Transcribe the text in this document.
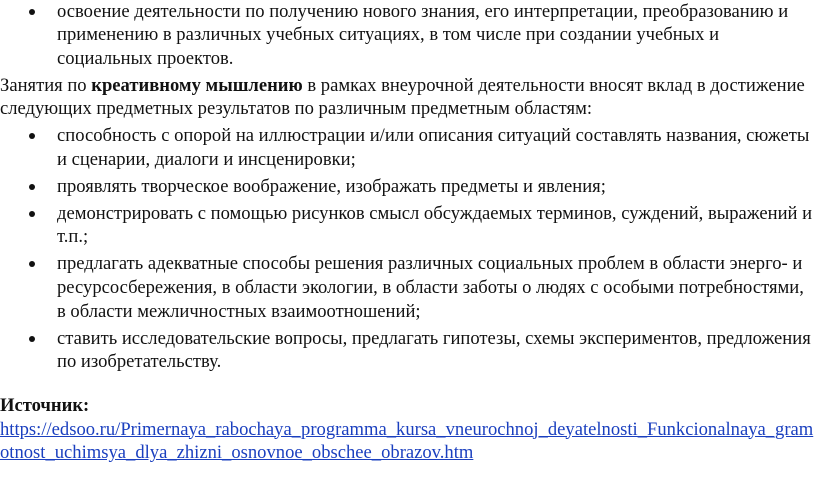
освоение деятельности по получению нового знания, его интерпретации, преобразованию и применению в различных учебных ситуациях, в том числе при создании учебных и социальных проектов.

Занятия по креативному мышлению в рамках внеурочной деятельности вносят вклад в достижение следующих предметных результатов по различным предметным областям:

способность с опорой на иллюстрации и/или описания ситуаций составлять названия, сюжеты и сценарии, диалоги и инсценировки;
проявлять творческое воображение, изображать предметы и явления;
демонстрировать с помощью рисунков смысл обсуждаемых терминов, суждений, выражений и т.п.;
предлагать адекватные способы решения различных социальных проблем в области энерго- и ресурсосбережения, в области экологии, в области заботы о людях с особыми потребностями, в области межличностных взаимоотношений;
ставить исследовательские вопросы, предлагать гипотезы, схемы экспериментов, предложения по изобретательству.

Источник:

https://edsoo.ru/Primernaya_rabochaya_programma_kursa_vneurochnoj_deyatelnosti_Funkcionalnaya_gramotnost_uchimsya_dlya_zhizni_osnovnoe_obschee_obrazov.htm
